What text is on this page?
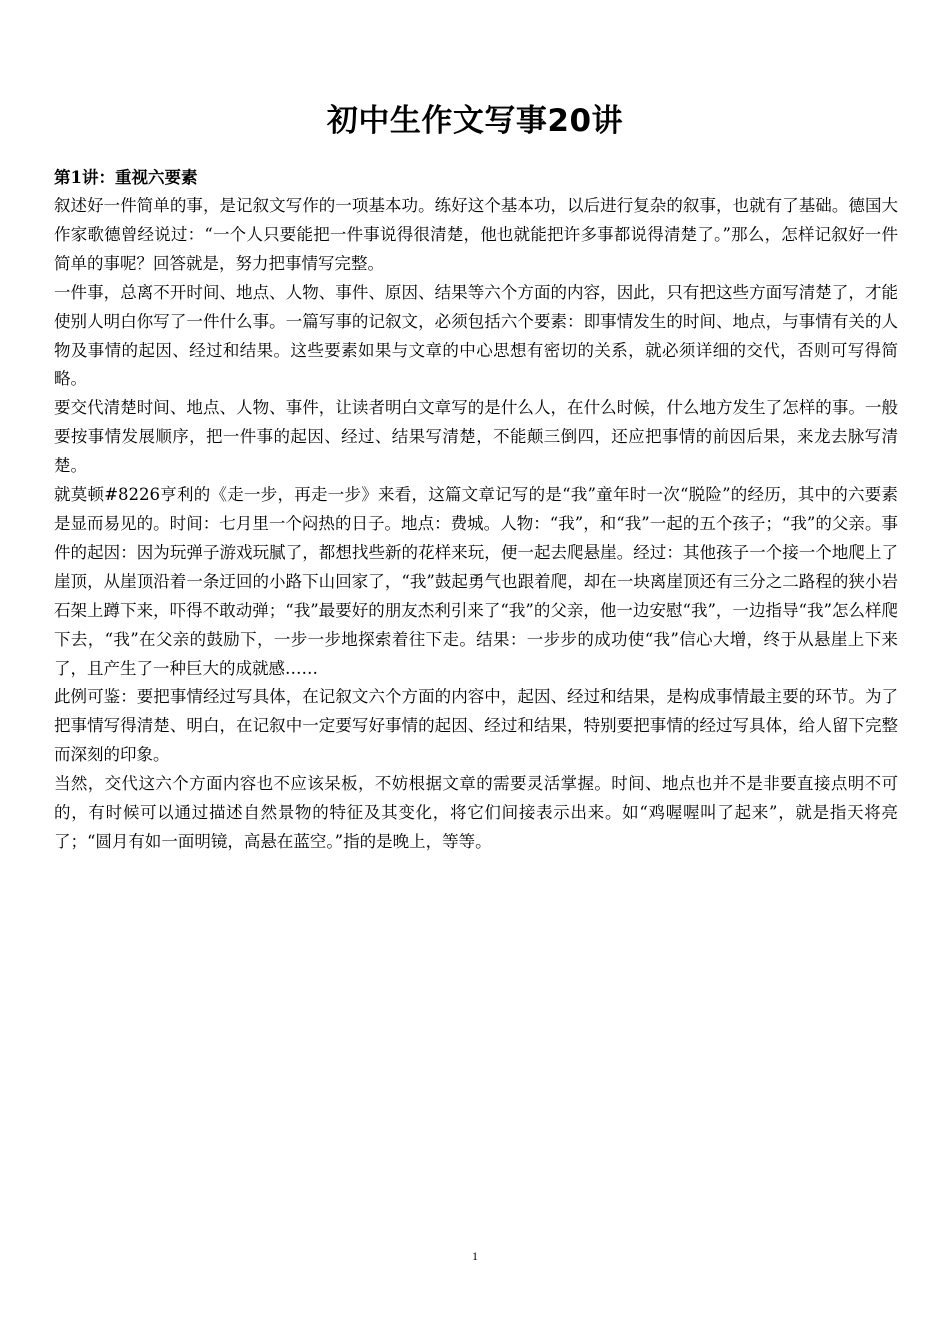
初中生作文写事20讲
第1讲：重视六要素

叙述好一件简单的事，是记叙文写作的一项基本功。练好这个基本功，以后进行复杂的叙事，也就有了基础。德国大作家歌德曾经说过：“一个人只要能把一件事说得很清楚，他也就能把许多事都说得清楚了。”那么，怎样记叙好一件简单的事呢？回答就是，努力把事情写完整。

一件事，总离不开时间、地点、人物、事件、原因、结果等六个方面的内容，因此，只有把这些方面写清楚了，才能使别人明白你写了一件什么事。一篇写事的记叙文，必须包括六个要素：即事情发生的时间、地点，与事情有关的人物及事情的起因、经过和结果。这些要素如果与文章的中心思想有密切的关系，就必须详细的交代，否则可写得简略。

要交代清楚时间、地点、人物、事件，让读者明白文章写的是什么人，在什么时候，什么地方发生了怎样的事。一般要按事情发展顺序，把一件事的起因、经过、结果写清楚，不能颠三倒四，还应把事情的前因后果，来龙去脉写清楚。

就莫顿#8226亨利的《走一步，再走一步》来看，这篇文章记写的是“我”童年时一次“脱险”的经历，其中的六要素是显而易见的。时间：七月里一个闷热的日子。地点：费城。人物：“我”，和“我”一起的五个孩子；“我”的父亲。事件的起因：因为玩弹子游戏玩腻了，都想找些新的花样来玩，便一起去爬悬崖。经过：其他孩子一个接一个地爬上了崖顶，从崖顶沿着一条迂回的小路下山回家了，“我”鼓起勇气也跟着爬，却在一块离崖顶还有三分之二路程的狭小岩石架上蹲下来，吓得不敢动弹；“我”最要好的朋友杰利引来了“我”的父亲，他一边安慰“我”，一边指导“我”怎么样爬下去，“我”在父亲的鼓励下，一步一步地探索着往下走。结果：一步步的成功使“我”信心大增，终于从悬崖上下来了，且产生了一种巨大的成就感……

此例可鉴：要把事情经过写具体，在记叙文六个方面的内容中，起因、经过和结果，是构成事情最主要的环节。为了把事情写得清楚、明白，在记叙中一定要写好事情的起因、经过和结果，特别要把事情的经过写具体，给人留下完整而深刻的印象。

当然，交代这六个方面内容也不应该呆板，不妨根据文章的需要灵活掌握。时间、地点也并不是非要直接点明不可的，有时候可以通过描述自然景物的特征及其变化，将它们间接表示出来。如“鸡喔喔叫了起来”，就是指天将亮了；“圆月有如一面明镜，高悬在蓝空。”指的是晚上，等等。

1
